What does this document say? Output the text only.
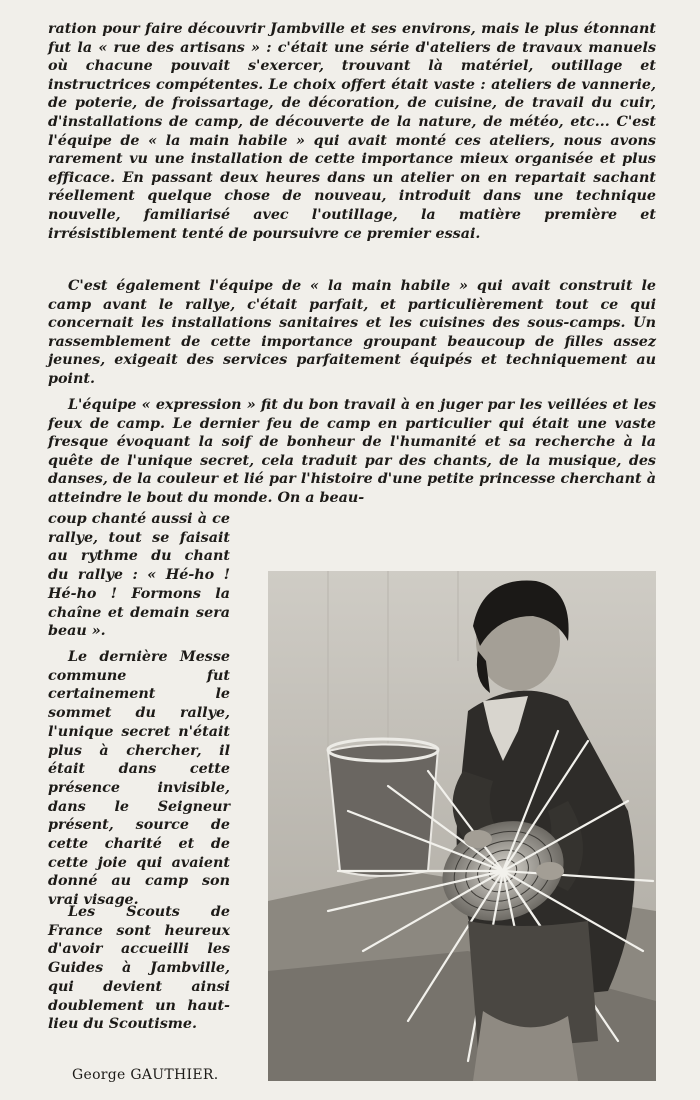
ration pour faire découvrir Jambville et ses environs, mais le plus étonnant fut la « rue des artisans » : c'était une série d'ateliers de travaux manuels où chacune pouvait s'exercer, trouvant là matériel, outillage et instructrices compétentes. Le choix offert était vaste : ateliers de vannerie, de poterie, de froissartage, de décoration, de cuisine, de travail du cuir, d'installations de camp, de découverte de la nature, de météo, etc... C'est l'équipe de « la main habile » qui avait monté ces ateliers, nous avons rarement vu une installation de cette importance mieux organisée et plus efficace. En passant deux heures dans un atelier on en repartait sachant réellement quelque chose de nouveau, introduit dans une technique nouvelle, familiarisé avec l'outillage, la matière première et irrésistiblement tenté de poursuivre ce premier essai.

C'est également l'équipe de « la main habile » qui avait construit le camp avant le rallye, c'était parfait, et particulièrement tout ce qui concernait les installations sanitaires et les cuisines des sous-camps. Un rassemblement de cette importance groupant beaucoup de filles assez jeunes, exigeait des services parfaitement équipés et techniquement au point.

L'équipe « expression » fit du bon travail à en juger par les veillées et les feux de camp. Le dernier feu de camp en particulier qui était une vaste fresque évoquant la soif de bonheur de l'humanité et sa recherche à la quête de l'unique secret, cela traduit par des chants, de la musique, des danses, de la couleur et lié par l'histoire d'une petite princesse cherchant à atteindre le bout du monde. On a beau-

coup chanté aussi à ce rallye, tout se faisait au rythme du chant du rallye : « Hé-ho ! Hé-ho ! Formons la chaîne et demain sera beau ».

Le dernière Messe commune fut certainement le sommet du rallye, l'unique secret n'était plus à chercher, il était dans cette présence invisible, dans le Seigneur présent, source de cette charité et de cette joie qui avaient donné au camp son vrai visage.

Les Scouts de France sont heureux d'avoir accueilli les Guides à Jambville, qui devient ainsi doublement un haut-lieu du Scoutisme.

George GAUTHIER.
